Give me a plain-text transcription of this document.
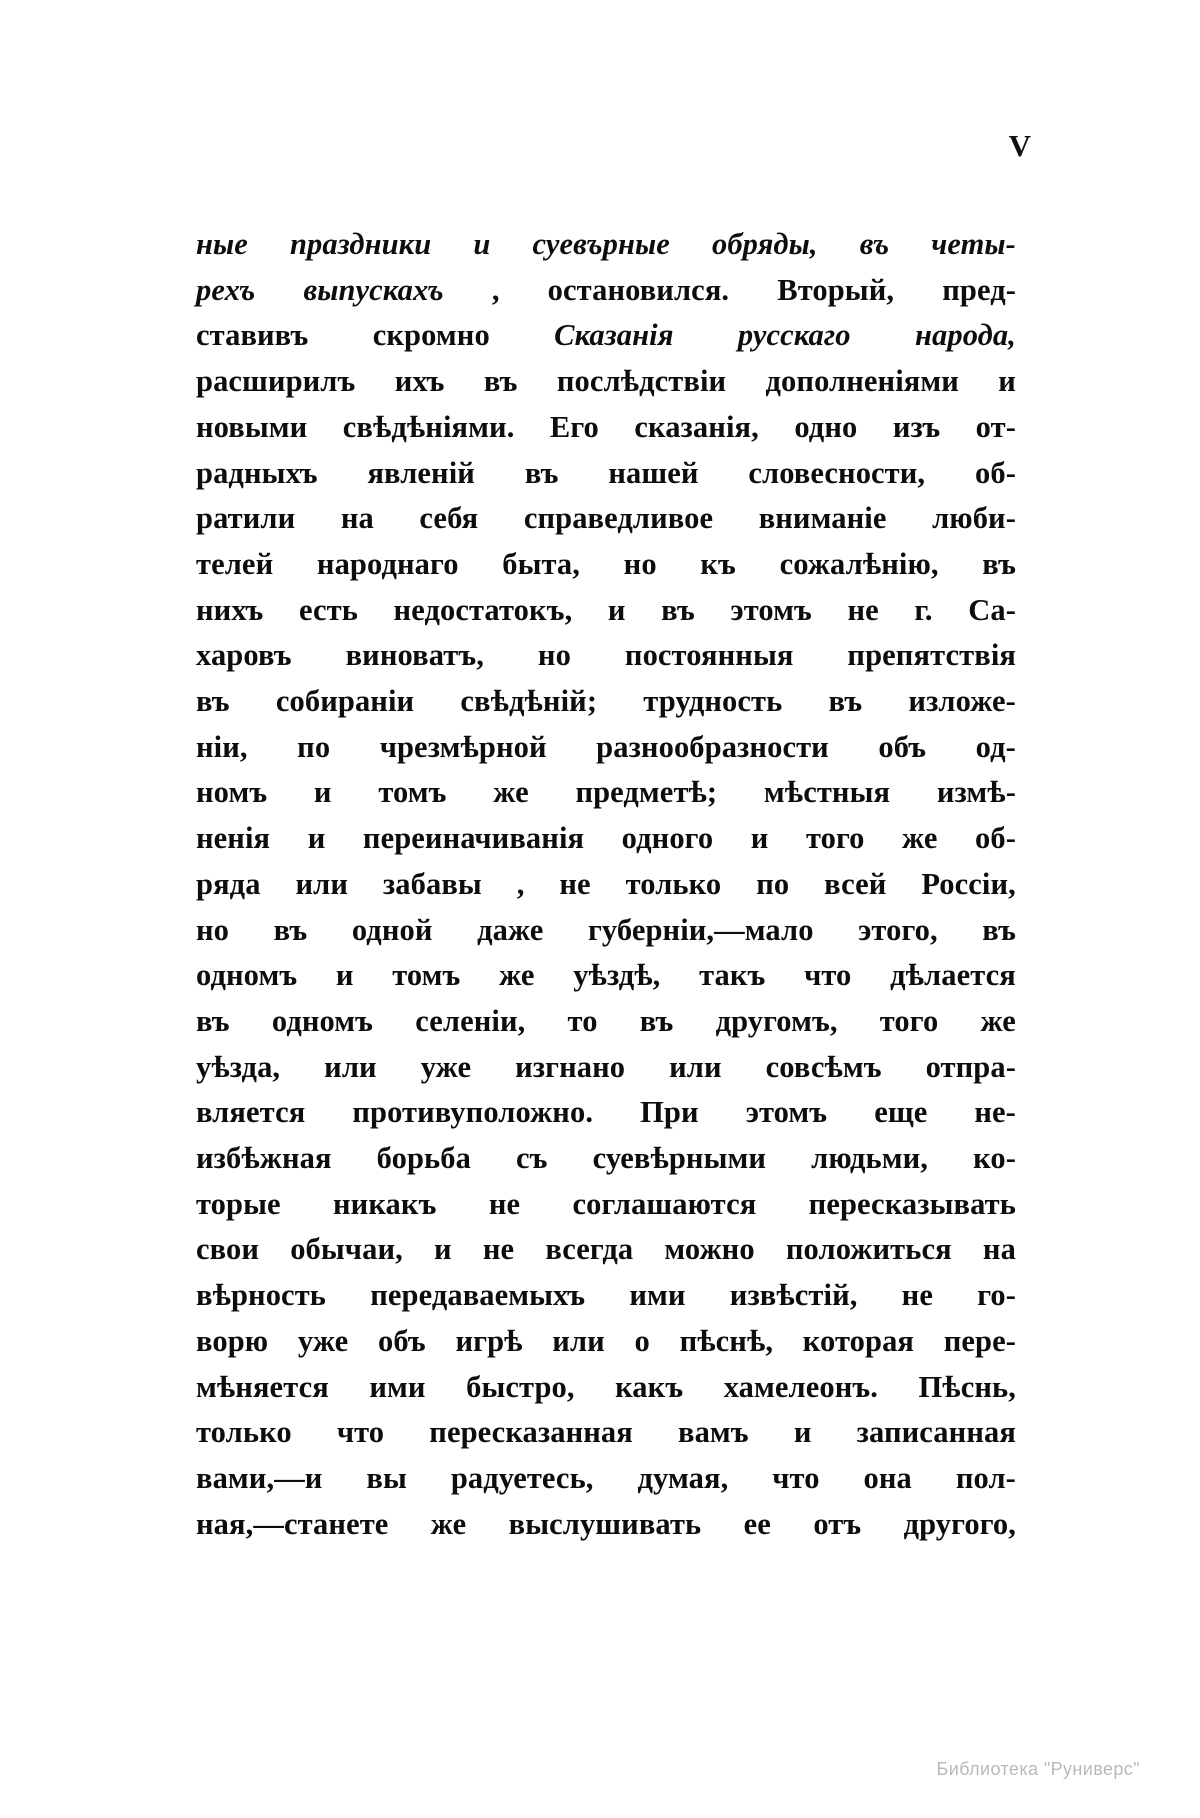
V
ные праздники и суевърные обряды, въ четы-
рехъ выпускахъ , остановился. Вторый, пред-
ставивъ скромно Сказанія русскаго народа,
расширилъ ихъ въ послѣдствіи дополненіями и
новыми свѣдѣніями. Его сказанія, одно изъ от-
радныхъ явленій въ нашей словесности, об-
ратили на себя справедливое вниманіе люби-
телей народнаго быта, но къ сожалѣнію, въ
нихъ есть недостатокъ, и въ этомъ не г. Са-
харовъ виноватъ, но постоянныя препятствія
въ собираніи свѣдѣній; трудность въ изложе-
ніи, по чрезмѣрной разнообразности объ од-
номъ и томъ же предметѣ; мѣстныя измѣ-
ненія и переиначиванія одного и того же об-
ряда или забавы , не только по всей Россіи,
но въ одной даже губерніи,—мало этого, въ
одномъ и томъ же уѣздѣ, такъ что дѣлается
въ одномъ селеніи, то въ другомъ, того же
уѣзда, или уже изгнано или совсѣмъ отпра-
вляется противуположно. При этомъ еще не-
избѣжная борьба съ суевѣрными людьми, ко-
торые никакъ не соглашаются пересказывать
свои обычаи, и не всегда можно положиться на
вѣрность передаваемыхъ ими извѣстій, не го-
ворю уже объ игрѣ или о пѣснѣ, которая пере-
мѣняется ими быстро, какъ хамелеонъ. Пѣснь,
только что пересказанная вамъ и записанная
вами,—и вы радуетесь, думая, что она пол-
ная,—станете же выслушивать ее отъ другого,
Библиотека "Руниверс"
